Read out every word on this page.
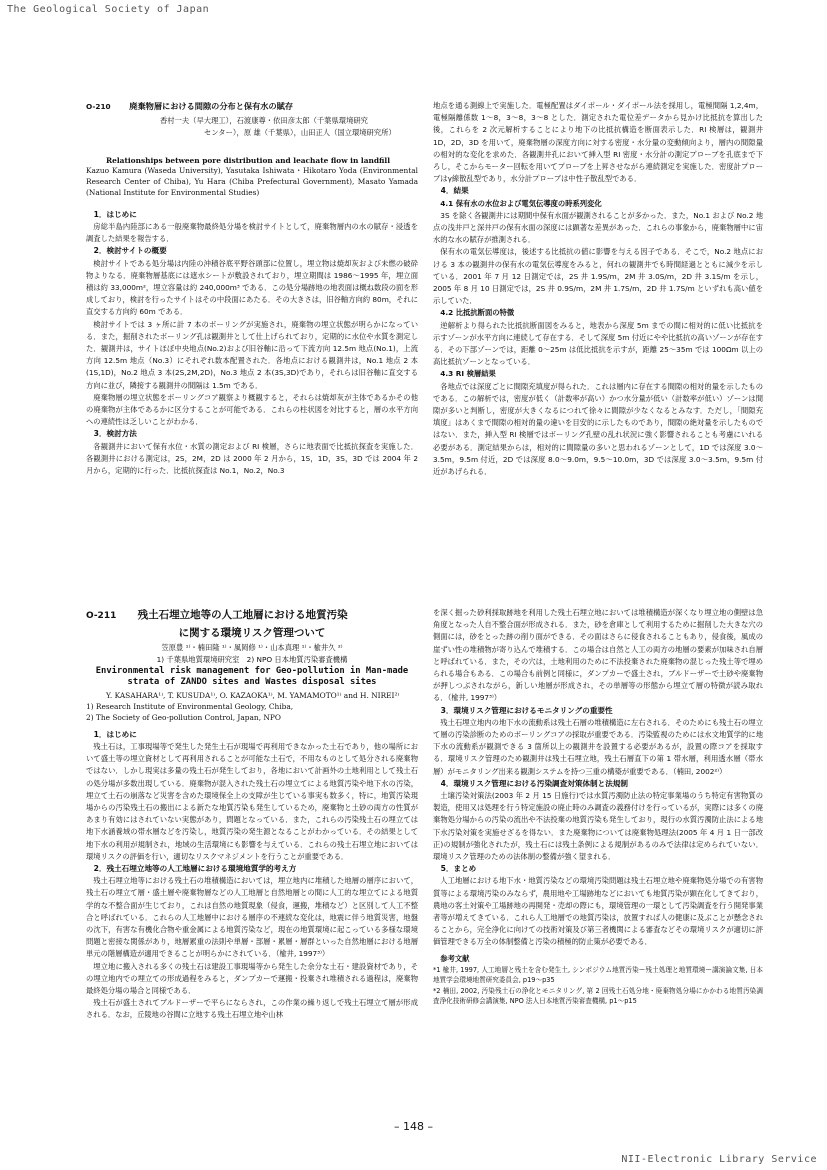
The Geological Society of Japan
O-210 廃棄物層における間隙の分布と保有水の賦存
香村一夫（早大理工），石渡康尊・依田彦太郎（千葉県環境研究
センター），原 雄（千葉県），山田正人（国立環境研究所）
Relationships between pore distribution and leachate flow in landfill
Kazuo Kamura (Waseda University), Yasutaka Ishiwata・Hikotaro Yoda (Environmental Research Center of Chiba), Yu Hara (Chiba Prefectural Government), Masato Yamada (National Institute for Environmental Studies)

1．はじめに

房総半島内陸部にある一般廃棄物最終処分場を検討サイトとして，廃棄物層内の水の賦存・浸透を調査した結果を報告する．

2．検討サイトの概要

検討サイトである処分場は内陸の沖積谷底平野谷頭部に位置し，埋立物は焼却灰および未燃の破砕物よりなる．廃棄物層基底には遮水シートが敷設されており，埋立期間は 1986〜1995 年，埋立面積は約 33,000m²，埋立容量は約 240,000m³ である．この処分場跡地の地表面は概ね数段の面を形成しており，検討を行ったサイトはその中段面にあたる．その大きさは，旧谷軸方向約 80m，それに直交する方向約 60m である．

検討サイトでは 3 ヶ所に計 7 本のボーリングが実施され，廃棄物の埋立状態が明らかになっている．また，掘削されたボーリング孔は観測井として仕上げられており，定期的に水位や水質を測定した．観測井は，サイトほぼ中央地点(No.2)および旧谷軸に沿って下流方向 12.5m 地点(No.1)，上流方向 12.5m 地点（No.3）にそれぞれ数本配置された．各地点における観測井は，No.1 地点 2 本(1S,1D)，No.2 地点 3 本(2S,2M,2D)，No.3 地点 2 本(3S,3D)であり，それらは旧谷軸に直交する方向に並び，隣接する観測井の間隔は 1.5m である．

廃棄物層の埋立状態をボーリングコア観察より概観すると，それらは焼却灰が主体であるかその他の廃棄物が主体であるかに区分することが可能である．これらの柱状図を対比すると，層の水平方向への連続性は乏しいことがわかる．

3．検討方法

各観測井において保有水位・水質の測定および RI 検層，さらに地表面で比抵抗探査を実施した．各観測井における測定は，2S，2M，2D は 2000 年 2 月から，1S，1D，3S，3D では 2004 年 2 月から，定期的に行った．比抵抗探査は No.1，No.2，No.3

地点を通る測線上で実施した．電極配置はダイポール・ダイポール法を採用し，電極間隔 1,2,4m，電極隔離係数 1〜8，3〜8，3〜8 とした．測定された電位差データから見かけ比抵抗を算出した後，これらを 2 次元解析することにより地下の比抵抗構造を断面表示した．RI 検層は，観測井 1D，2D，3D を用いて，廃棄物層の深度方向に対する密度・水分量の変動傾向より，層内の間隙量の相対的な変化を求めた．各観測井孔において挿入型 RI 密度・水分計の測定プローブを孔底まで下ろし，そこからモーター回転を用いてプローブを上昇させながら連続測定を実施した．密度計プローブはγ線散乱型であり，水分計プローブは中性子散乱型である．

4．結果

4.1 保有水の水位および電気伝導度の時系列変化

3S を除く各観測井には期間中保有水面が観測されることが多かった．また，No.1 および No.2 地点の浅井戸と深井戸の保有水面の深度には顕著な差異があった．これらの事象から，廃棄物層中に宙水的な水の賦存が推測される．

保有水の電気伝導度は，後述する比抵抗の値に影響を与える因子である．そこで，No.2 地点における 3 本の観測井の保有水の電気伝導度をみると，何れの観測井でも時間経過とともに減少を示している．2001 年 7 月 12 日測定では，2S 井 1.9S/m，2M 井 3.0S/m，2D 井 3.1S/m を示し，2005 年 8 月 10 日測定では，2S 井 0.9S/m，2M 井 1.7S/m，2D 井 1.7S/m といずれも高い値を示していた．

4.2 比抵抗断面の特徴

逆解析より得られた比抵抗断面図をみると，地表から深度 5m までの間に相対的に低い比抵抗を示すゾーンが水平方向に連続して存在する．そして深度 5m 付近にやや比抵抗の高いゾーンが存在する．その下部ゾーンでは，距離 0〜25m は低比抵抗を示すが，距離 25〜35m では 100Ωm 以上の高比抵抗ゾーンとなっている．

4.3 RI 検層結果

各地点では深度ごとに間隙充填度が得られた．これは層内に存在する間隙の相対的量を示したものである．この解析では，密度が低く（計数率が高い）かつ水分量が低い（計数率が低い）ゾーンは間隙が多いと判断し，密度が大きくなるにつれて徐々に間隙が少なくなるとみなす．ただし，「間隙充填度」はあくまで間隙の相対的量の違いを目安的に示したものであり，間隙の絶対量を示したものではない．また，挿入型 RI 検層ではボーリング孔壁の乱れ状況に強く影響されることも考慮にいれる必要がある．測定結果からは，相対的に間隙量の多いと思われるゾーンとして，1D では深度 3.0〜3.5m，9.5m 付近，2D では深度 8.0〜9.0m，9.5〜10.0m，3D では深度 3.0〜3.5m，9.5m 付近があげられる．

O-211 残土石埋立地等の人工地層における地質汚染
に関する環境リスク管理ついて
笠原豊 ¹⁾・楠田隆 ¹⁾・風岡修 ¹⁾・山本真理 ¹⁾・楡井久 ²⁾
1) 千葉県地質環境研究室　2) NPO 日本地質汚染審査機構
Environmental risk management for Geo-pollution in Man-made strata of ZANDO sites and Wastes disposal sites
Y. KASAHARA¹⁾, T. KUSUDA¹⁾, O. KAZAOKA¹⁾, M. YAMAMOTO¹⁾ and H. NIREI²⁾
1) Research Institute of Environmental Geology, Chiba,
2) The Society of Geo-pollution Control, Japan, NPO

1．はじめに

残土石は，工事現場等で発生した発生土石が現場で再利用できなかった土石であり，他の場所において盛土等の埋立資材として再利用されることが可能な土石で，不用なものとして処分される廃棄物ではない．しかし現実は多量の残土石が発生しており，各地において計画外の土地利用として残土石の処分場が多数出現している．廃棄物が混入された残土石の埋立てによる地質汚染や地下水の汚染，埋立て土石の崩落など災害を含めた環境保全上の支障が生じている事実も数多く，特に，地質汚染現場からの汚染残土石の搬出による新たな地質汚染も発生しているため，廃棄物と土砂の両方の性質があまり有効にはされていない実態があり，問題となっている．また，これらの汚染残土石の埋立ては地下水涵養域の帯水層などを汚染し，地質汚染の発生源となることがわかっている．その結果として地下水の利用が規制され，地域の生活環境にも影響を与えている．これらの残土石埋立地においては環境リスクの評価を行い，適切なリスクマネジメントを行うことが重要である．

2．残土石埋立地等の人工地層における環境地質学的考え方

残土石埋立地等における残土石の堆積構造においては，埋立地内に堆積した地層の層序において，残土石の埋立て層・盛土層や廃棄物層などの人工地層と自然地層との間に人工的な埋立てによる地質学的な不整合面が生じており，これは自然の地質現象（侵食，運搬，堆積など）と区別して人工不整合と呼ばれている．これらの人工地層中における層序の不連続な変化は，地震に伴う地質災害，地盤の沈下，有害な有機化合物や重金属による地質汚染など，現在の地質環境に起こっている多様な環境問題と密接な関係があり，地層累重の法則や単層・部層・累層・層群といった自然地層における地層単元の階層構造が適用できることが明らかにされている．（楡井, 1997³⁾）

埋立地に搬入される多くの残土石は建設工事現場等から発生した余分な土石・建設資材であり，その埋立地内での埋立ての形成過程をみると，ダンプカーで運搬・投棄され堆積される過程は，廃棄物最終処分場の場合と同様である．

残土石が盛土されてブルドーザーで平らにならされ，この作業の繰り返しで残土石埋立て層が形成される．なお，丘陵地の谷間に立地する残土石埋立地や山林

を深く掘った砂利採取跡地を利用した残土石埋立地においては堆積構造が深くなり埋立地の側壁は急角度となった人自不整合面が形成される．また，砂を倉庫として利用するために掘削した大きな穴の側面には，砂をとった跡の削り面ができる．その面はさらに侵食されることもあり，侵食後，風成の崖ずい性の堆積物が寄り込んで堆積する．この場合は自然と人工の両方の地層の要素が加味され自層と呼ばれている．また，その穴は，土地利用のために不法投棄された廃棄物の混じった残土等で埋められる場合もある．この場合も前例と同様に，ダンプカーで盛土され，ブルドーザーで土砂や廃棄物が押しつぶされながら，新しい地層が形成され，その単層等の形態から埋立て層の特徴が読み取れる．（楡井, 1997³⁾）

3．環境リスク管理におけるモニタリングの重要性

残土石埋立地内の地下水の流動系は残土石層の堆積構造に左右される．そのためにも残土石の埋立て層の汚染診断のためのボーリングコアの採取が重要である．汚染監視のためには水文地質学的に地下水の流動系が観測できる 3 箇所以上の観測井を設置する必要があるが，設置の際コアを採取する．環境リスク管理のため観測井は残土石埋立地，残土石層直下の第 1 帯水層，利用透水層（帯水層）がモニタリング出来る観測システムを持つ三重の構築が重要である．（楠田, 2002²⁾）

4．環境リスク管理における汚染調査対策体制と法規制

土壌汚染対策法(2003 年 2 月 15 日施行)では水質汚濁防止法の特定事業場のうち特定有害物質の製造，使用又は処理を行う特定施設の廃止時のみ調査の義務付けを行っているが，実際には多くの廃棄物処分場からの汚染の流出や不法投棄の地質汚染も発生しており，現行の水質汚濁防止法による地下水汚染対策を実施せざるを得ない．また廃棄物については廃棄物処理法(2005 年 4 月 1 日一部改正)の規制が強化されたが，残土石には残土条例による規制があるのみで法律は定められていない．環境リスク管理のための法体制の整備が強く望まれる．

5．まとめ

人工地層における地下水・地質汚染などの環境汚染問題は残土石埋立地や廃棄物処分場での有害物質等による環境汚染のみならず，農用地や工場跡地などにおいても地質汚染が顕在化してきており，農地の客土対策や工場跡地の再開発・売却の際にも，環境管理の一環として汚染調査を行う開発事業者等が増えてきている．これら人工地層での地質汚染は，放置すれば人の健康に及ぶことが懸念されることから，完全浄化に向けての技術対策及び第三者機関による審査などその環境リスクが適切に評価管理できる万全の体制整備と汚染の積極的防止策が必要である．

参考文献

*1 楡井, 1997, 人工地層と残土を含む発生土, シンポジウム地質汚染ー残土処理と地質環境ー講演論文集, 日本地質学会環境地質研究委員会, p19〜p35
*2 楠田, 2002, 汚染残土石の浄化とモニタリング, 第 2 回残土石処分地・廃棄物処分場にかかわる地質汚染調査浄化技術研修会講演集, NPO 法人日本地質汚染審査機構, p1〜p15
– 148 –
NII-Electronic Library Service
